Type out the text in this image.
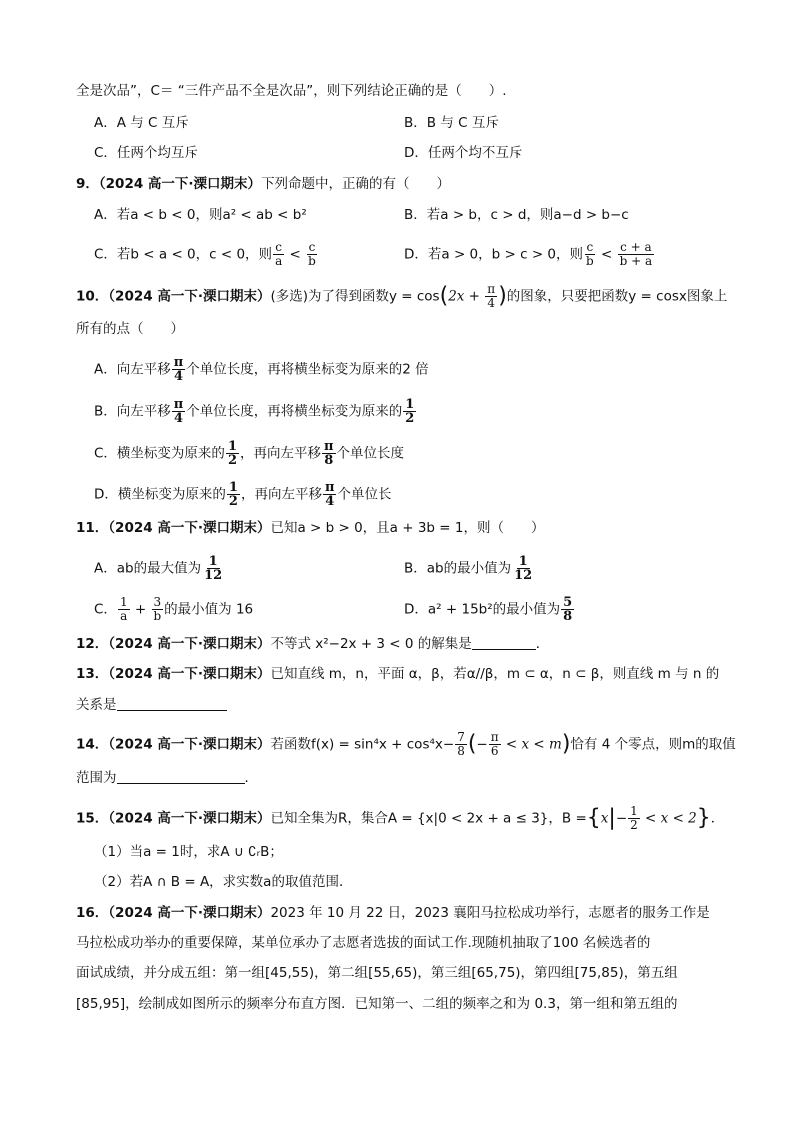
全是次品”，C＝ “三件产品不全是次品”，则下列结论正确的是（　　）.
A．A 与 C 互斥	B．B 与 C 互斥
C．任两个均互斥	D．任两个均不互斥
9．（2024 高一下·溧口期末）下列命题中，正确的有（　　）
A．若a < b < 0，则a² < ab < b²	B．若a > b，c > d，则a−d > b−c
C．若b < a < 0，c < 0，则 $\frac{c}{a} < \frac{c}{b}$	D．若a > 0，b > c > 0，则 $\frac{c}{b} < \frac{c + a}{b + a}$
10．（2024 高一下·溧口期末）(多选)为了得到函数$y = \cos(2x + \frac{\pi}{4}$ )的图象，只要把函数y = cosx图象上
所有的点（　　）
A．向左平移 $\frac{\pi}{4}$ 个单位长度，再将横坐标变为原来的2 倍
B．向左平移 $\frac{\pi}{4}$ 个单位长度，再将横坐标变为原来的 $\frac{1}{2}$
C．横坐标变为原来的 $\frac{1}{2}$ ，再向左平移 $\frac{\pi}{8}$ 个单位长度
D．横坐标变为原来的 $\frac{1}{2}$ ，再向左平移 $\frac{\pi}{4}$ 个单位长
11．（2024 高一下·溧口期末）已知a > b > 0，且a + 3b = 1，则（　　）
A．ab的最大值为 $\frac{1}{12}$	B．ab的最小值为 $\frac{1}{12}$
C． $\frac{1}{a} + \frac{3}{b}$ 的最小值为 16	D．a² + 15b²的最小值为 $\frac{5}{8}$
12．（2024 高一下·溧口期末）不等式 x²−2x + 3 < 0 的解集是	．
13．（2024 高一下·溧口期末）已知直线 m，n，平面 α，β，若α//β，m ⊂ α，n ⊂ β，则直线 m 与 n 的
关系是
14．（2024 高一下·溧口期末）若函数$f(x) = \sin^4x + \cos^4x- \frac{7}{8}$ (− $\frac{\pi}{6} < x < m$)恰有 4 个零点，则m的取值
范围为	．
15．（2024 高一下·溧口期末）已知全集为R，集合A = {x|0 < 2x + a ≤ 3}，$B =\{x|- \frac{1}{2} < x < 2\}$．
（1）当a = 1时，求A ∪ ∁ᵣB；
（2）若A ∩ B = A，求实数a的取值范围．
16．（2024 高一下·溧口期末）2023 年 10 月 22 日，2023 襄阳马拉松成功举行，志愿者的服务工作是
马拉松成功举办的重要保障，某单位承办了志愿者选拔的面试工作.现随机抽取了100 名候选者的
面试成绩，并分成五组：第一组[45,55)，第二组[55,65)，第三组[65,75)，第四组[75,85)，第五组
[85,95]，绘制成如图所示的频率分布直方图．已知第一、二组的频率之和为 0.3，第一组和第五组的
